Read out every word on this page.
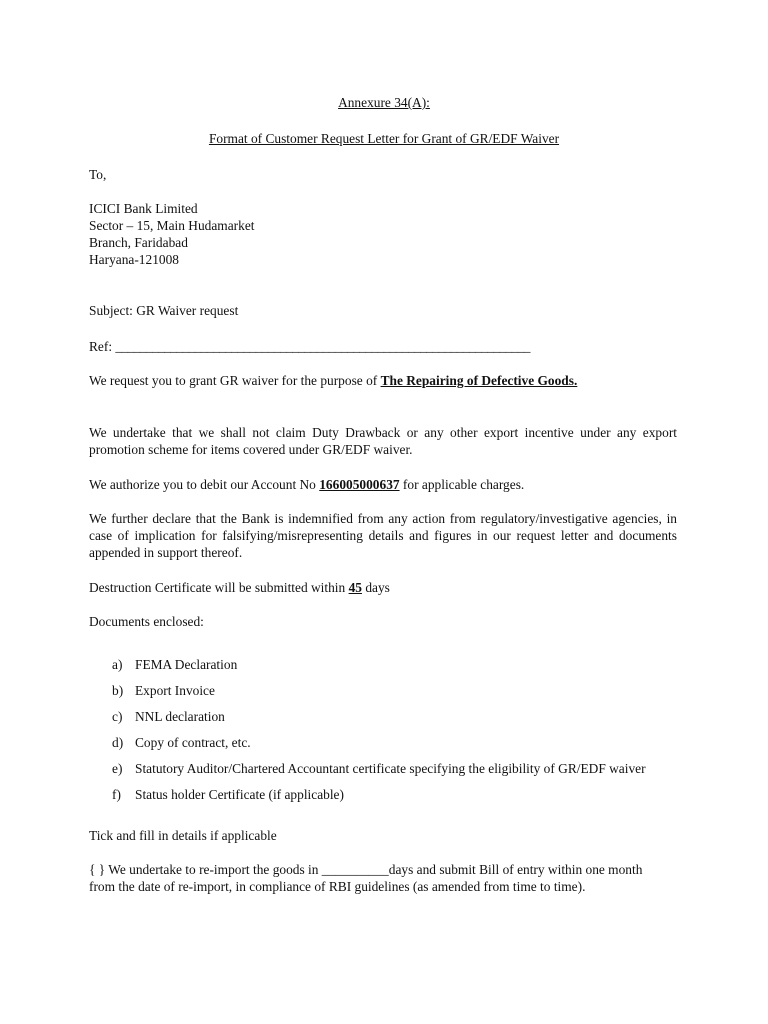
Annexure 34(A):
Format of Customer Request Letter for Grant of GR/EDF Waiver
To,
ICICI Bank Limited
Sector – 15, Main Hudamarket
Branch, Faridabad
Haryana-121008
Subject: GR Waiver request
Ref: ____________________________________________________________________
We request you to grant GR waiver for the purpose of The Repairing of Defective Goods.
We undertake that we shall not claim Duty Drawback or any other export incentive under any export promotion scheme for items covered under GR/EDF waiver.
We authorize you to debit our Account No 166005000637 for applicable charges.
We further declare that the Bank is indemnified from any action from regulatory/investigative agencies, in case of implication for falsifying/misrepresenting details and figures in our request letter and documents appended in support thereof.
Destruction Certificate will be submitted within 45 days
Documents enclosed:
a) FEMA Declaration
b) Export Invoice
c) NNL declaration
d) Copy of contract, etc.
e) Statutory Auditor/Chartered Accountant certificate specifying the eligibility of GR/EDF waiver
f) Status holder Certificate (if applicable)
Tick and fill in details if applicable
{ } We undertake to re-import the goods in __________days and submit Bill of entry within one month
from the date of re-import, in compliance of RBI guidelines (as amended from time to time).
